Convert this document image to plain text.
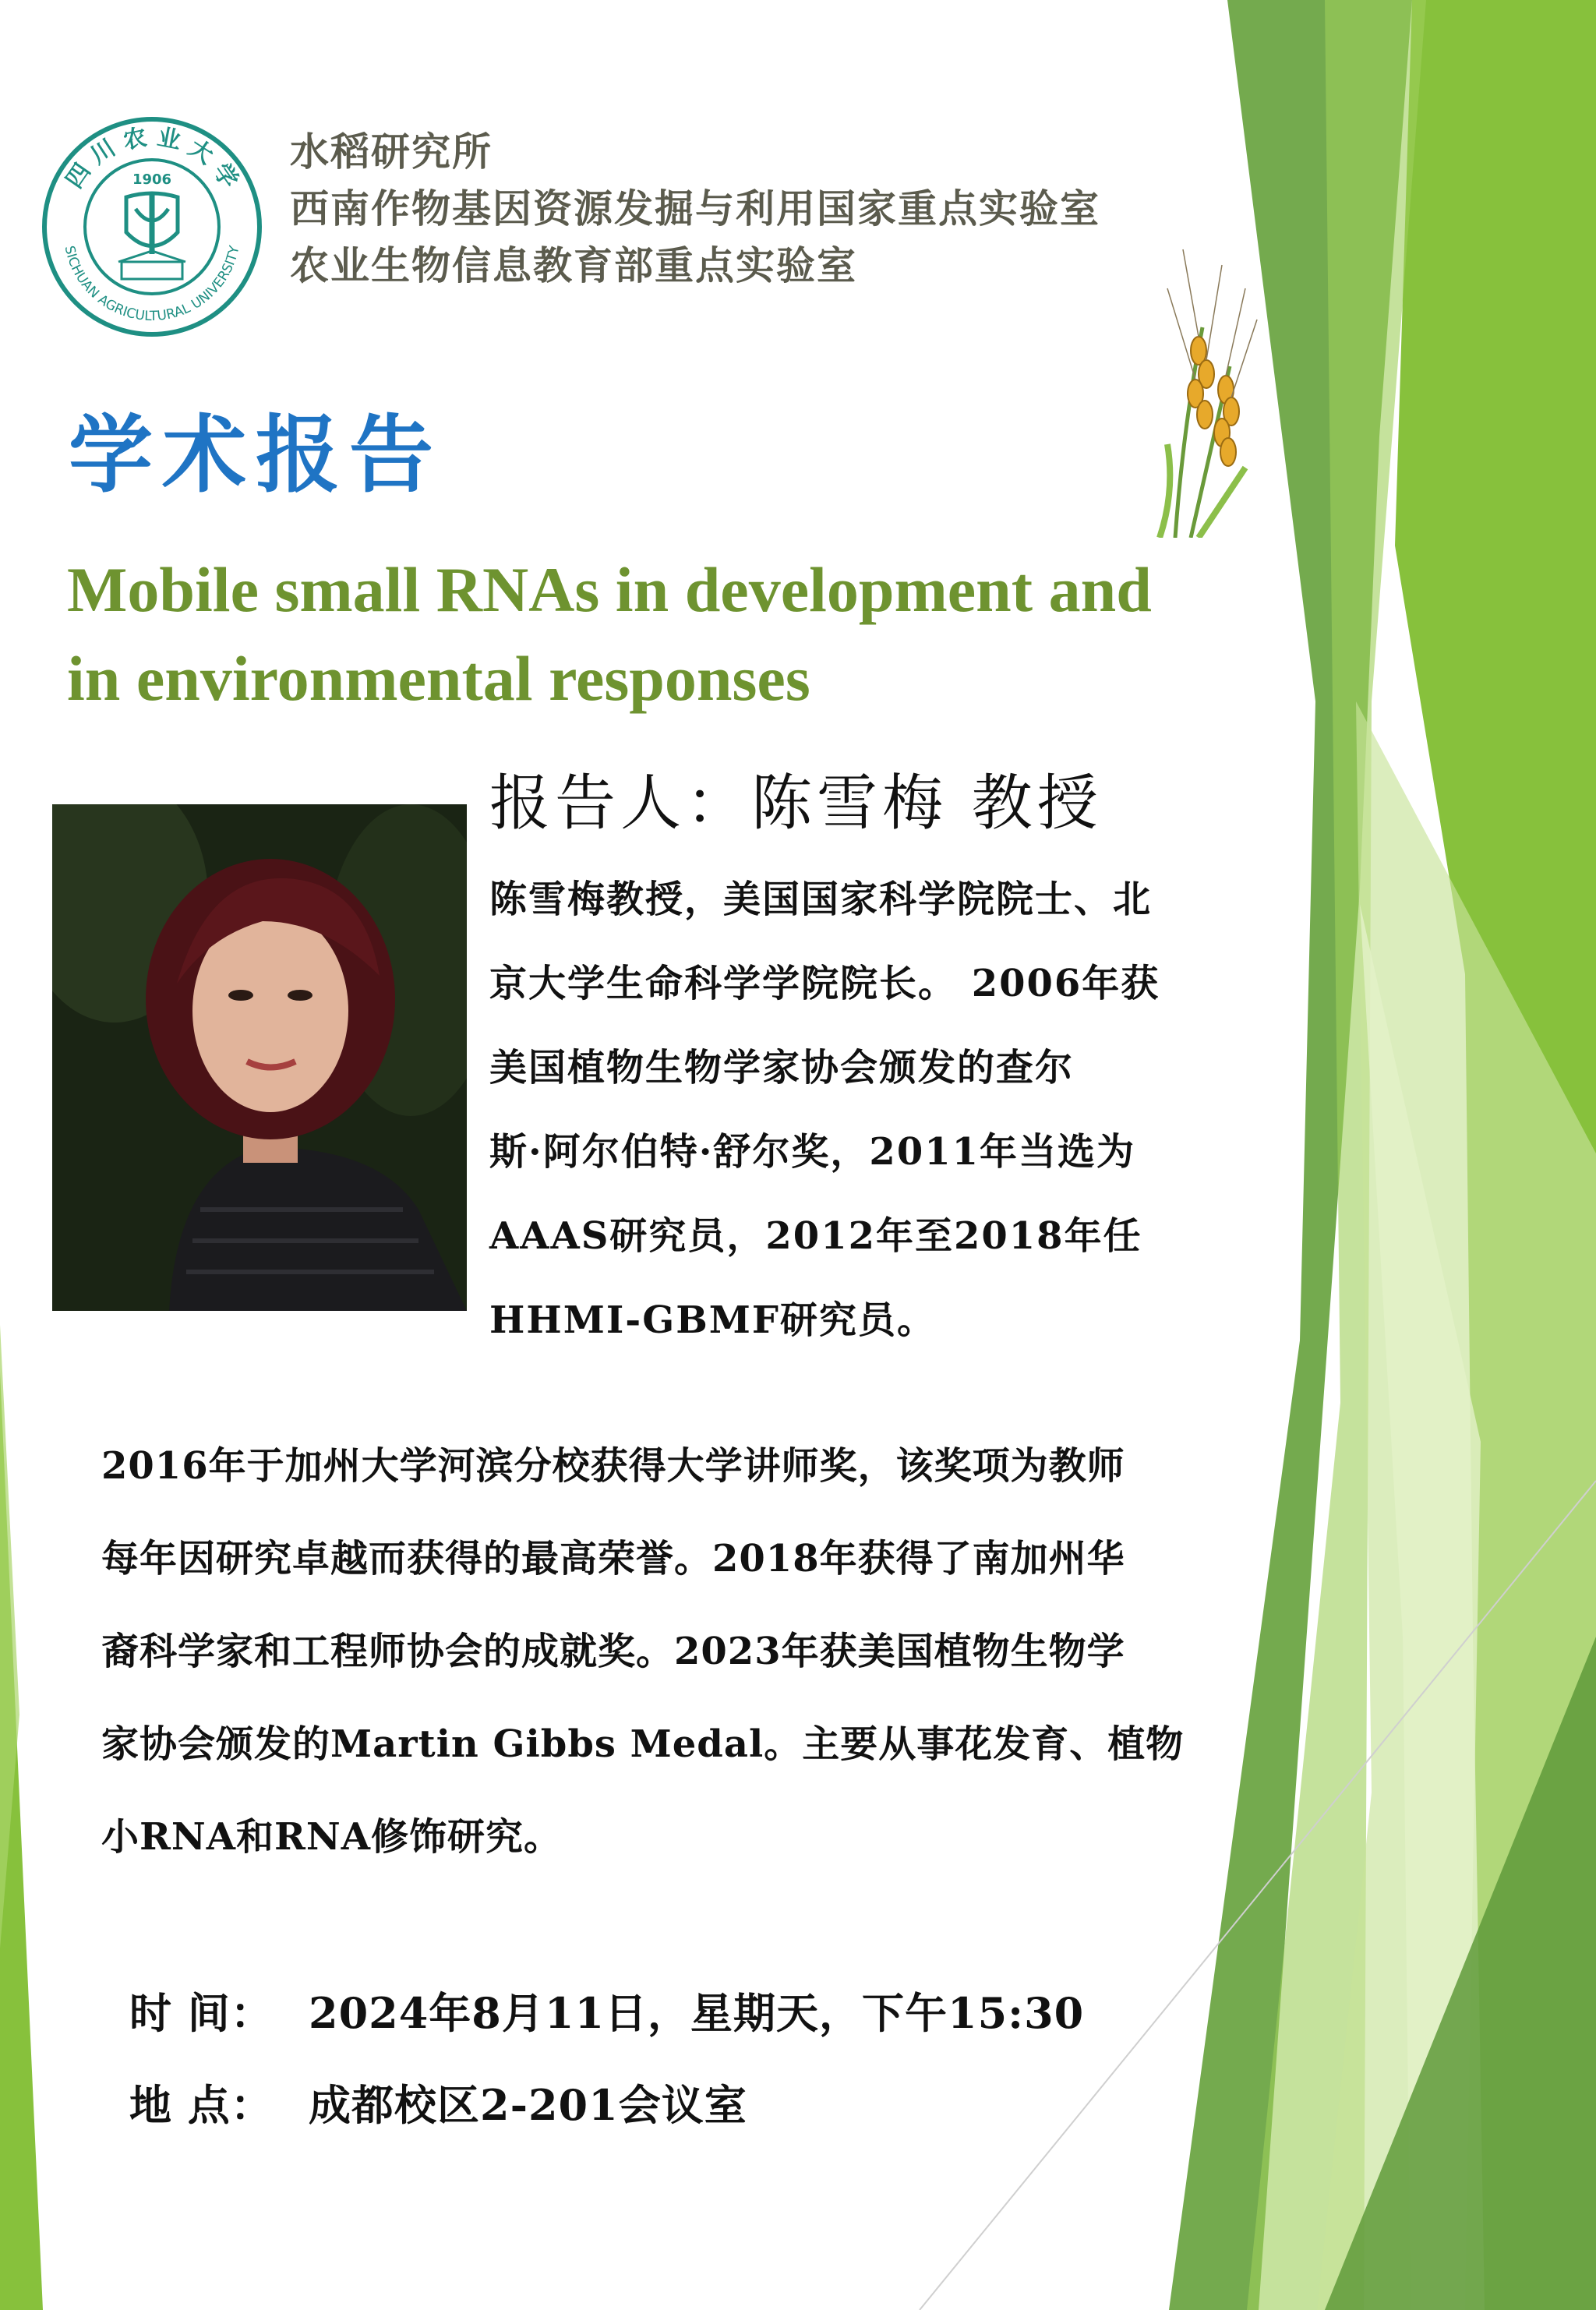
四 川 农 业 大 学
SICHUAN AGRICULTURAL UNIVERSITY
1906
水稻研究所
西南作物基因资源发掘与利用国家重点实验室
农业生物信息教育部重点实验室
学术报告
Mobile small RNAs in development and
in environmental responses
报告人：陈雪梅 教授
陈雪梅教授，美国国家科学院院士、北
京大学生命科学学院院长。 2006年获
美国植物生物学家协会颁发的查尔
斯·阿尔伯特·舒尔奖，2011年当选为
AAAS研究员，2012年至2018年任
HHMI-GBMF研究员。
2016年于加州大学河滨分校获得大学讲师奖，该奖项为教师
每年因研究卓越而获得的最高荣誉。2018年获得了南加州华
裔科学家和工程师协会的成就奖。2023年获美国植物生物学
家协会颁发的Martin Gibbs Medal。主要从事花发育、植物
小RNA和RNA修饰研究。
时 间： 2024年8月11日，星期天，下午15:30
地 点： 成都校区2-201会议室
